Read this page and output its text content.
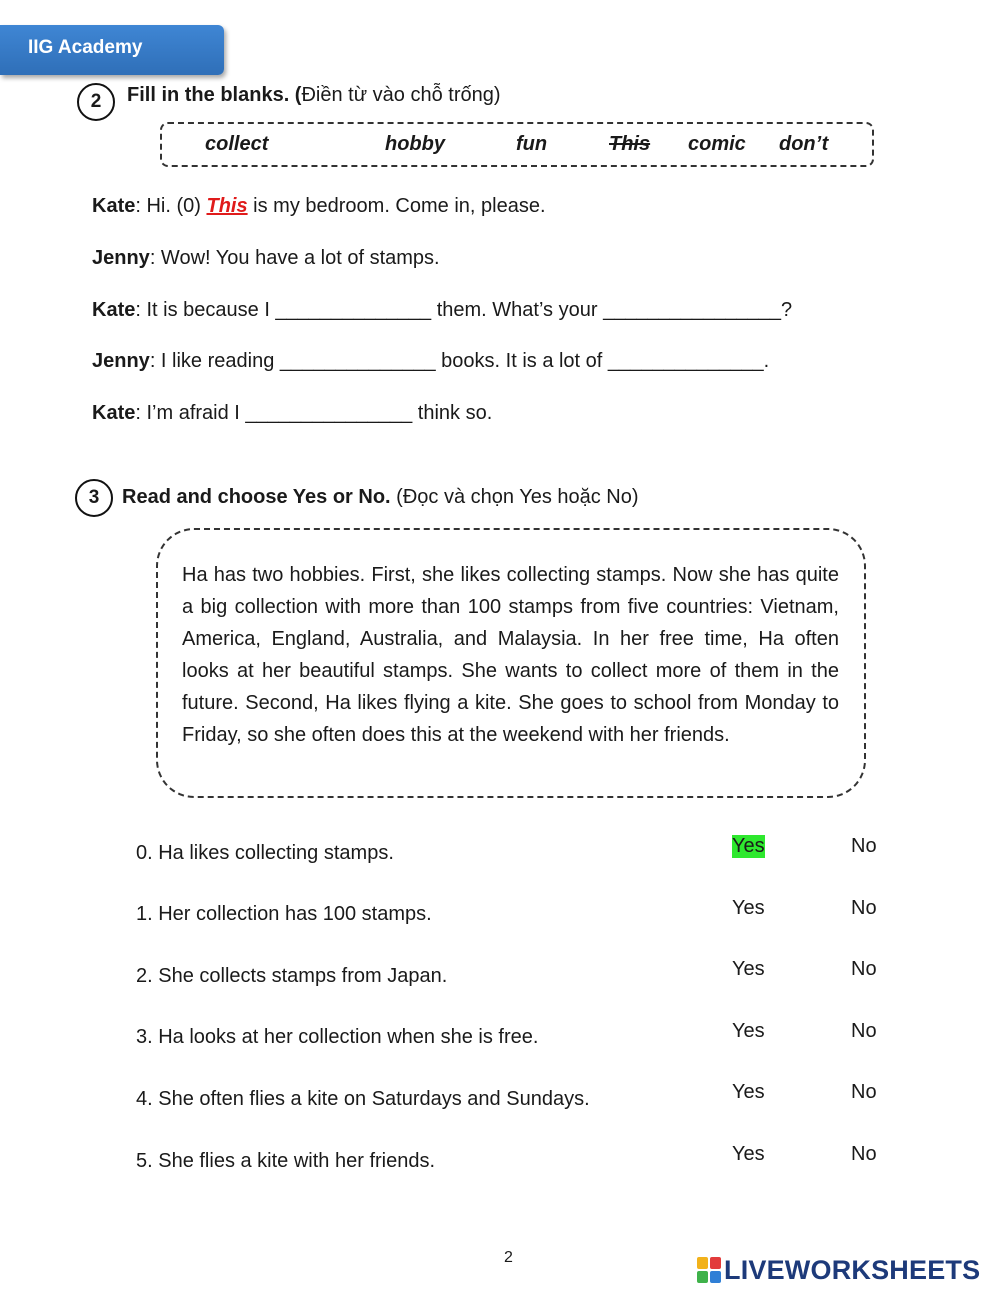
IIG Academy
2	Fill in the blanks. (Điền từ vào chỗ trống)
collect	hobby	fun	This comic don’t
Kate: Hi. (0) This is my bedroom. Come in, please.
Jenny: Wow! You have a lot of stamps.
Kate: It is because I ______________ them. What’s your ________________?
Jenny: I like reading ______________ books. It is a lot of ______________.
Kate: I’m afraid I _______________ think so.
3	Read and choose Yes or No. (Đọc và chọn Yes hoặc No)
Ha has two hobbies. First, she likes collecting stamps. Now she has quite a big collection with more than 100 stamps from five countries: Vietnam, America, England, Australia, and Malaysia. In her free time, Ha often looks at her beautiful stamps. She wants to collect more of them in the future. Second, Ha likes flying a kite. She goes to school from Monday to Friday, so she often does this at the weekend with her friends.
0. Ha likes collecting stamps.	Yes	No
1. Her collection has 100 stamps.	Yes	No
2. She collects stamps from Japan.	Yes	No
3. Ha looks at her collection when she is free.	Yes	No
4. She often flies a kite on Saturdays and Sundays.	Yes	No
5. She flies a kite with her friends.	Yes	No
2	LIVEWORKSHEETS
